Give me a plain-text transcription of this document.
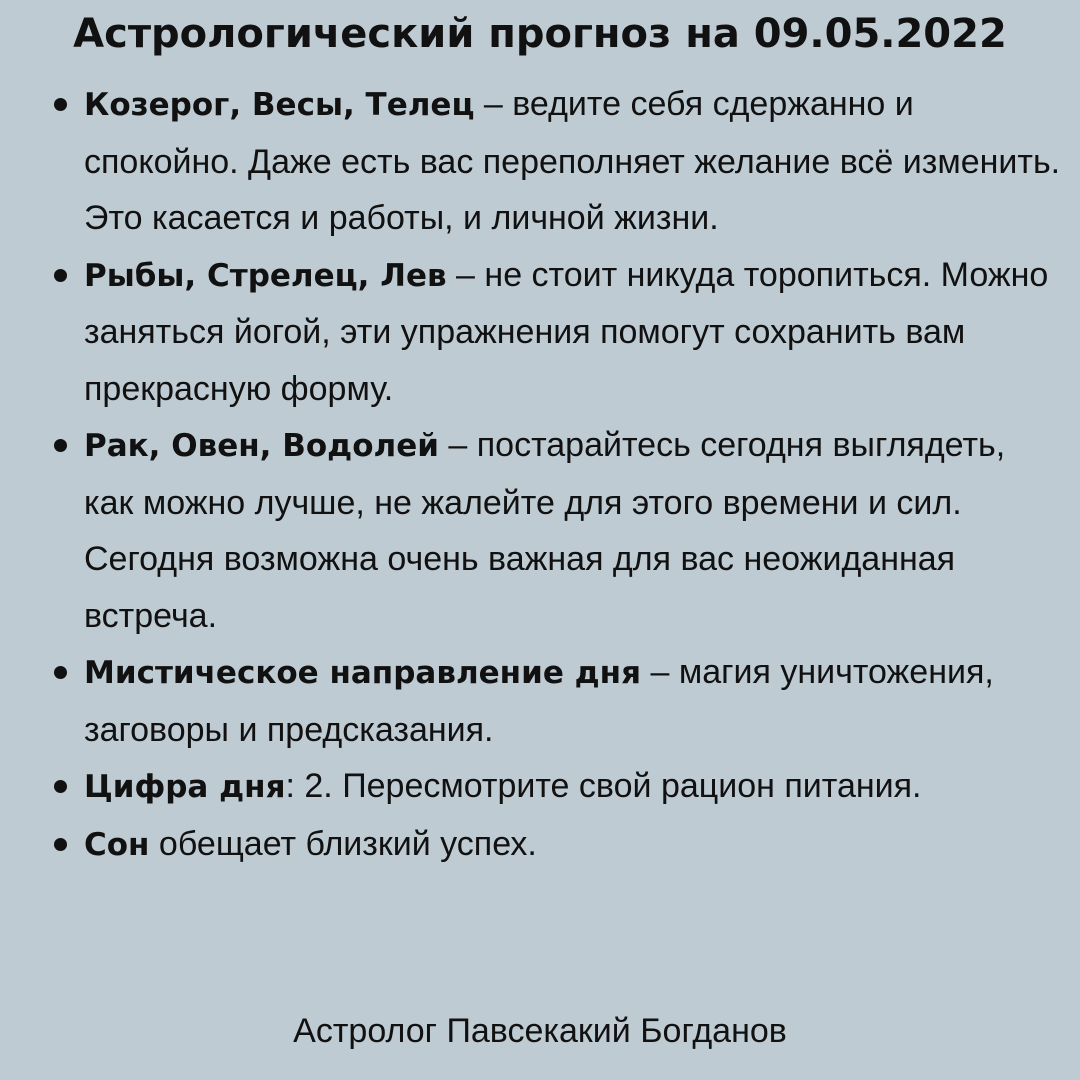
Астрологический прогноз на 09.05.2022
Козерог, Весы, Телец – ведите себя сдержанно и спокойно. Даже есть вас переполняет желание всё изменить. Это касается и работы, и личной жизни.
Рыбы, Стрелец, Лев – не стоит никуда торопиться. Можно заняться йогой, эти упражнения помогут сохранить вам прекрасную форму.
Рак, Овен, Водолей – постарайтесь сегодня выглядеть, как можно лучше, не жалейте для этого времени и сил. Сегодня возможна очень важная для вас неожиданная встреча.
Мистическое направление дня – магия уничтожения, заговоры и предсказания.
Цифра дня: 2. Пересмотрите свой рацион питания.
Сон обещает близкий успех.
Астролог Павсекакий Богданов
